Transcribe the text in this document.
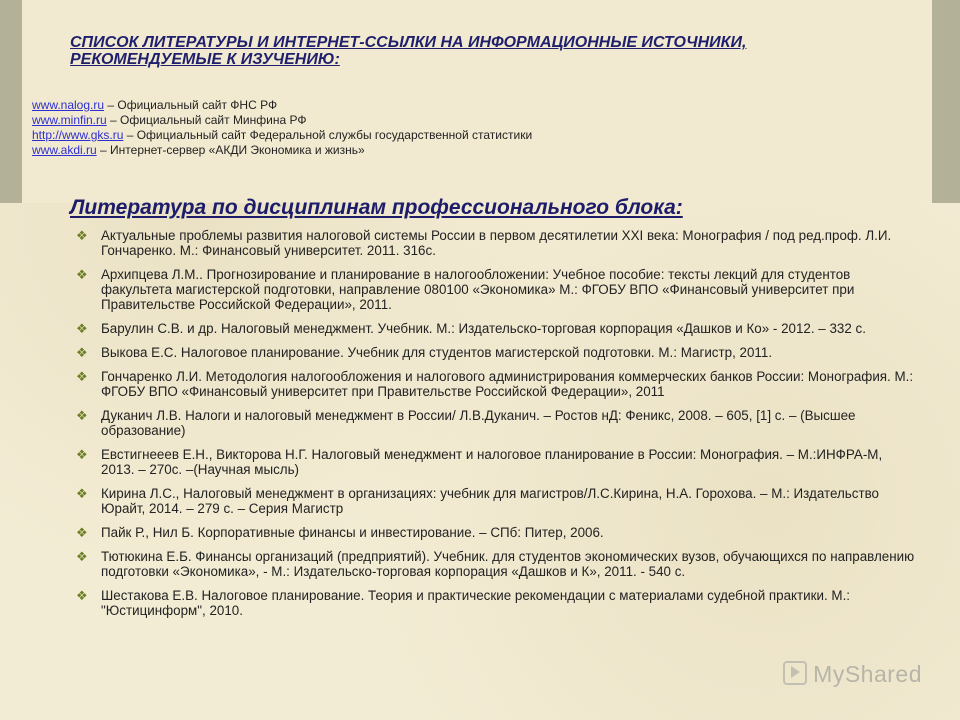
СПИСОК ЛИТЕРАТУРЫ И ИНТЕРНЕТ-ССЫЛКИ НА ИНФОРМАЦИОННЫЕ ИСТОЧНИКИ, РЕКОМЕНДУЕМЫЕ К ИЗУЧЕНИЮ:
www.nalog.ru – Официальный сайт ФНС РФ
www.minfin.ru – Официальный сайт Минфина РФ
http://www.gks.ru – Официальный сайт Федеральной службы государственной статистики
www.akdi.ru – Интернет-сервер «АКДИ Экономика и жизнь»
Литература по дисциплинам профессионального блока:
❖ Актуальные проблемы развития налоговой системы России в первом десятилетии XXI века: Монография / под ред.проф. Л.И. Гончаренко. М.: Финансовый университет. 2011. 316с.
❖ Архипцева Л.М.. Прогнозирование и планирование в налогообложении: Учебное пособие: тексты лекций для студентов факультета магистерской подготовки, направление 080100 «Экономика» М.: ФГОБУ ВПО «Финансовый университет при Правительстве Российской Федерации», 2011.
❖ Барулин С.В. и др. Налоговый менеджмент. Учебник. М.: Издательско-торговая корпорация «Дашков и Ко» - 2012. – 332 с.
❖ Выкова Е.С. Налоговое планирование. Учебник для студентов магистерской подготовки. М.: Магистр, 2011.
❖ Гончаренко Л.И. Методология налогообложения и налогового администрирования коммерческих банков России: Монография. М.: ФГОБУ ВПО «Финансовый университет при Правительстве Российской Федерации», 2011
❖ Дуканич Л.В. Налоги и налоговый менеджмент в России/ Л.В.Дуканич. ‒ Ростов нД: Феникс, 2008. ‒ 605, [1] с. ‒ (Высшее образование)
❖ Евстигнееев Е.Н., Викторова Н.Г. Налоговый менеджмент и налоговое планирование в России: Монография. ‒ М.:ИНФРА-М, 2013. ‒ 270с. ‒(Научная мысль)
❖ Кирина Л.С., Налоговый менеджмент в организациях: учебник для магистров/Л.С.Кирина, Н.А. Горохова. ‒ М.: Издательство Юрайт, 2014. ‒ 279 с. ‒ Серия Магистр
❖ Пайк Р., Нил Б. Корпоративные финансы и инвестирование. – СПб: Питер, 2006.
❖ Тютюкина Е.Б. Финансы организаций (предприятий). Учебник. для студентов экономических вузов, обучающихся по направлению подготовки «Экономика», - М.: Издательско-торговая корпорация «Дашков и К», 2011. - 540 с.
❖ Шестакова Е.В. Налоговое планирование. Теория и практические рекомендации с материалами судебной практики. М.: "Юстицинформ", 2010.
MyShared
